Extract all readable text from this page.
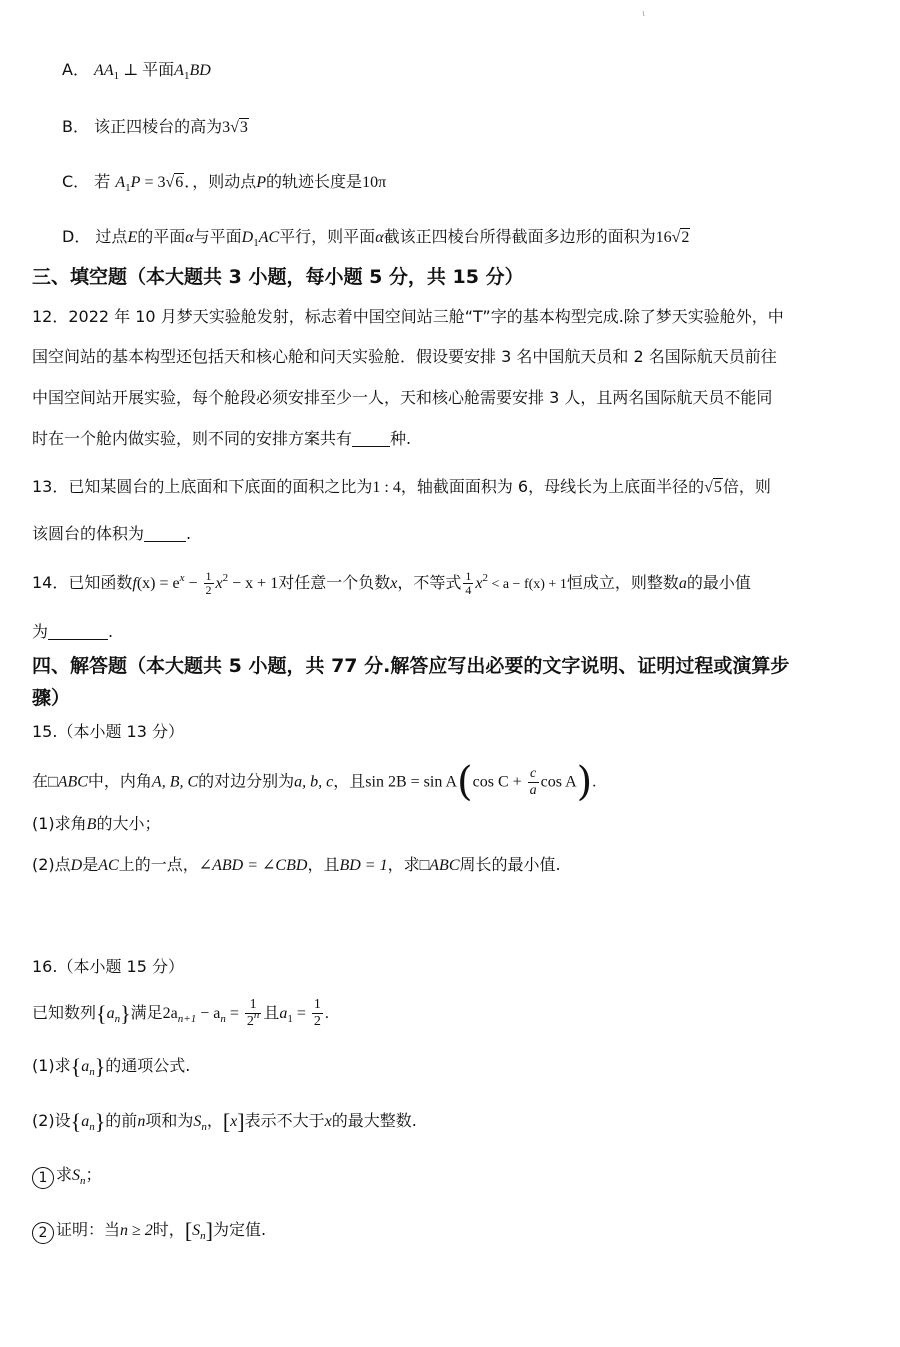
ι
A． $AA_1$ ⊥ 平面$A_1BD$
B． 该正四棱台的高为3√3
C． 若 $A_1P = 3√6$．，则动点P的轨迹长度是10π
D． 过点E的平面α与平面$D_1AC$平行，则平面α截该正四棱台所得截面多边形的面积为16√2
三、填空题（本大题共 3 小题，每小题 5 分，共 15 分）
12．2022 年 10 月梦天实验舱发射，标志着中国空间站三舱“T”字的基本构型完成.除了梦天实验舱外，中
国空间站的基本构型还包括天和核心舱和问天实验舱．假设要安排 3 名中国航天员和 2 名国际航天员前往
中国空间站开展实验，每个舱段必须安排至少一人，天和核心舱需要安排 3 人，且两名国际航天员不能同
时在一个舱内做实验，则不同的安排方案共有 种.
13．已知某圆台的上底面和下底面的面积之比为1 : 4，轴截面面积为 6，母线长为上底面半径的√5倍，则
该圆台的体积为	.
14．已知函数$f(x) = e^x - \frac{1}{2} x^2 - x + 1$对任意一个负数x，不等式 $\frac{1}{4} x^2 < a - f(x) + 1$恒成立，则整数a的最小值
为	.
四、解答题（本大题共 5 小题，共 77 分.解答应写出必要的文字说明、证明过程或演算步
骤）
15.（本小题 13 分）
在□ABC中，内角A, B, C的对边分别为a, b, c，且sin 2B = sin A(cos $C + \frac{c}{a}$ cos A).
(1)求角B的大小；
(2)点D是AC上的一点，∠ABD = ∠CBD，且BD = 1，求□ABC周长的最小值.
16.（本小题 15 分）
已知数列$\{a_n\}$满足$2a_{n+1} - a_n = \frac{1}{2^n}$ 且$a_1 = \frac{1}{2}$ .
(1)求$\{a_n\}$的通项公式.
(2)设$\{a_n\}$的前n项和为$S_n$，[x]表示不大于x的最大整数.
1 求$S_n$；
2 证明：当n ≥ 2时，$[S_n]$为定值.
